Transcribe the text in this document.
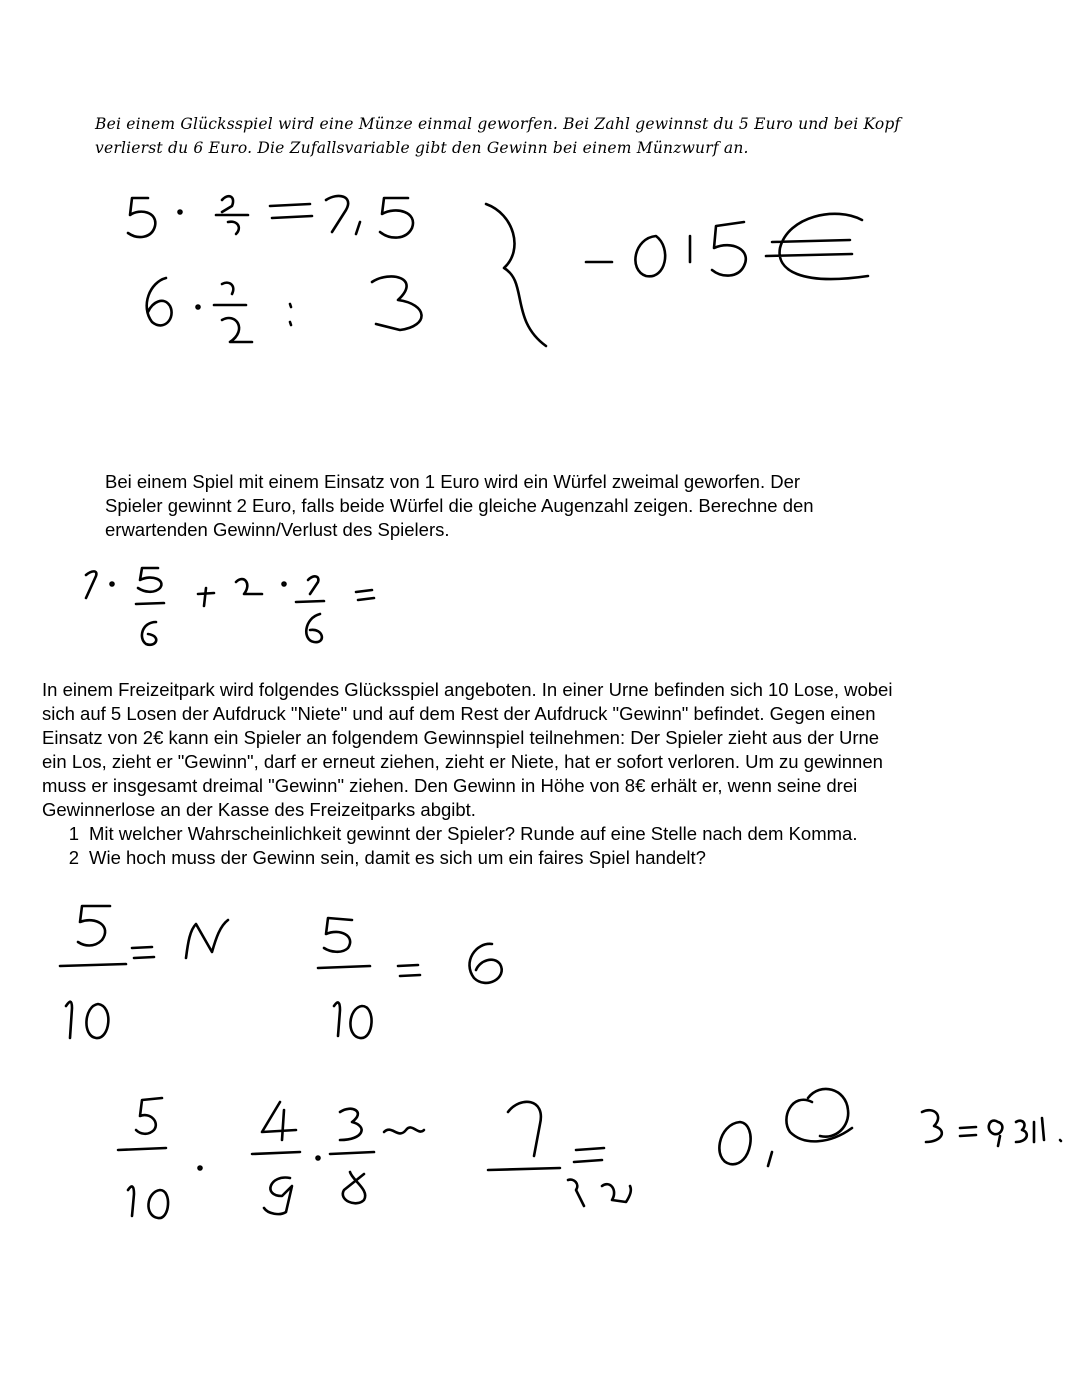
Bei einem Glücksspiel wird eine Münze einmal geworfen. Bei Zahl gewinnst du 5 Euro und bei Kopf

verlierst du 6 Euro. Die Zufallsvariable gibt den Gewinn bei einem Münzwurf an.

Bei einem Spiel mit einem Einsatz von 1 Euro wird ein Würfel zweimal geworfen. Der

Spieler gewinnt 2 Euro, falls beide Würfel die gleiche Augenzahl zeigen. Berechne den

erwartenden Gewinn/Verlust des Spielers.

In einem Freizeitpark wird folgendes Glücksspiel angeboten. In einer Urne befinden sich 10 Lose, wobei

sich auf 5 Losen der Aufdruck "Niete" und auf dem Rest der Aufdruck "Gewinn" befindet. Gegen einen

Einsatz von 2€ kann ein Spieler an folgendem Gewinnspiel teilnehmen: Der Spieler zieht aus der Urne

ein Los, zieht er "Gewinn", darf er erneut ziehen, zieht er Niete, hat er sofort verloren. Um zu gewinnen

muss er insgesamt dreimal "Gewinn" ziehen. Den Gewinn in Höhe von 8€ erhält er, wenn seine drei

Gewinnerlose an der Kasse des Freizeitparks abgibt.

1 Mit welcher Wahrscheinlichkeit gewinnt der Spieler? Runde auf eine Stelle nach dem Komma.
2 Wie hoch muss der Gewinn sein, damit es sich um ein faires Spiel handelt?
